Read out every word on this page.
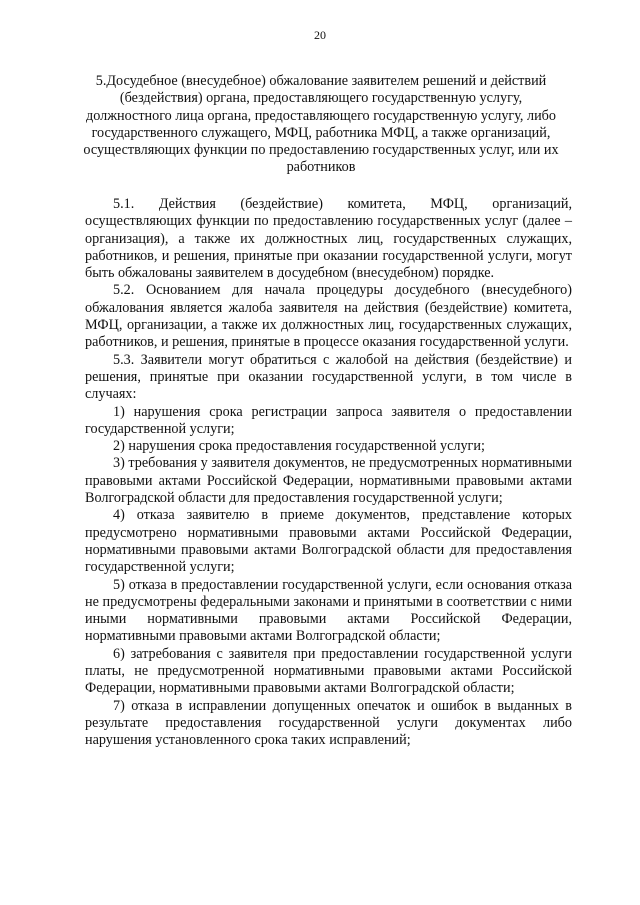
20
5.Досудебное (внесудебное) обжалование заявителем решений и действий (бездействия) органа, предоставляющего государственную услугу, должностного лица органа, предоставляющего государственную услугу, либо государственного служащего, МФЦ, работника МФЦ, а также организаций, осуществляющих функции по предоставлению государственных услуг, или их работников

5.1. Действия (бездействие) комитета, МФЦ, организаций, осуществляющих функции по предоставлению государственных услуг (далее – организация), а также их должностных лиц, государственных служащих, работников, и решения, принятые при оказании государственной услуги, могут быть обжалованы заявителем в досудебном (внесудебном) порядке.

5.2. Основанием для начала процедуры досудебного (внесудебного) обжалования является жалоба заявителя на действия (бездействие) комитета, МФЦ, организации, а также их должностных лиц, государственных служащих, работников, и решения, принятые в процессе оказания государственной услуги.

5.3. Заявители могут обратиться с жалобой на действия (бездействие) и решения, принятые при оказании государственной услуги, в том числе в случаях:

1) нарушения срока регистрации запроса заявителя о предоставлении государственной услуги;

2) нарушения срока предоставления государственной услуги;

3) требования у заявителя документов, не предусмотренных нормативными правовыми актами Российской Федерации, нормативными правовыми актами Волгоградской области для предоставления государственной услуги;

4) отказа заявителю в приеме документов, представление которых предусмотрено нормативными правовыми актами Российской Федерации, нормативными правовыми актами Волгоградской области для предоставления государственной услуги;

5) отказа в предоставлении государственной услуги, если основания отказа не предусмотрены федеральными законами и принятыми в соответствии с ними иными нормативными правовыми актами Российской Федерации, нормативными правовыми актами Волгоградской области;

6) затребования с заявителя при предоставлении государственной услуги платы, не предусмотренной нормативными правовыми актами Российской Федерации, нормативными правовыми актами Волгоградской области;

7) отказа в исправлении допущенных опечаток и ошибок в выданных в результате предоставления государственной услуги документах либо нарушения установленного срока таких исправлений;
